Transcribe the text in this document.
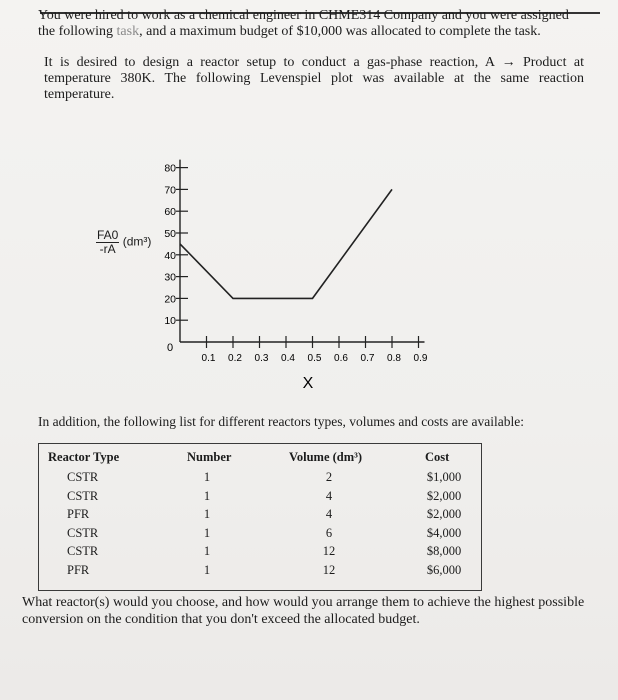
You were hired to work as a chemical engineer in CHME314 Company and you were assigned the following task, and a maximum budget of $10,000 was allocated to complete the task.
It is desired to design a reactor setup to conduct a gas-phase reaction, A → Product at temperature 380K. The following Levenspiel plot was available at the same reaction temperature.
10
20
30
40
50
60
70
80
0.1 0.2 0.3 0.4 0.5 0.6 0.7 0.8 0.9
0
X
$\frac{FA0}{-rA} (dm^3)$
In addition, the following list for different reactors types, volumes and costs are available:
Reactor Type	Number	Volume (dm³)	Cost
CSTR	1	2	$1,000
CSTR	1	4	$2,000
PFR	1	4	$2,000
CSTR	1	6	$4,000
CSTR	1	12	$8,000
PFR	1	12	$6,000
What reactor(s) would you choose, and how would you arrange them to achieve the highest possible conversion on the condition that you don't exceed the allocated budget.
